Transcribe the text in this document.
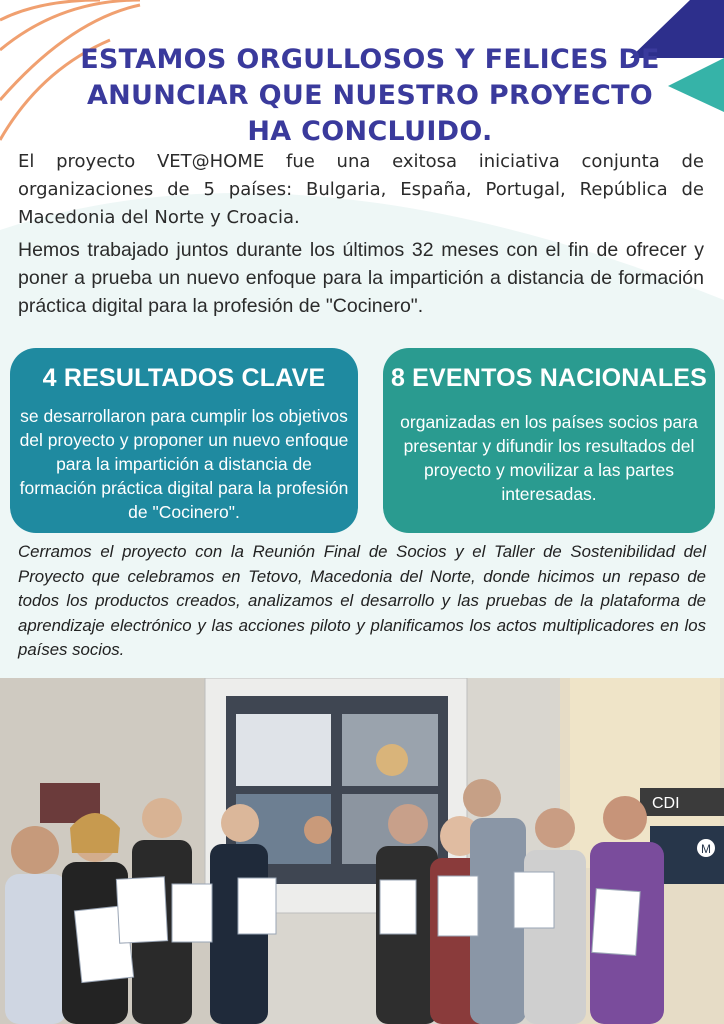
ESTAMOS ORGULLOSOS Y FELICES DE
ANUNCIAR QUE NUESTRO PROYECTO
HA CONCLUIDO.

El proyecto VET@HOME fue una exitosa iniciativa conjunta de organizaciones de 5 países: Bulgaria, España, Portugal, República de Macedonia del Norte y Croacia.

Hemos trabajado juntos durante los últimos 32 meses con el fin de ofrecer y poner a prueba un nuevo enfoque para la impartición a distancia de formación práctica digital para la profesión de "Cocinero".

4 RESULTADOS CLAVE
se desarrollaron para cumplir los objetivos del proyecto y proponer un nuevo enfoque para la impartición a distancia de formación práctica digital para la profesión de "Cocinero".
8 EVENTOS NACIONALES
organizadas en los países socios para presentar y difundir los resultados del proyecto y movilizar a las partes interesadas.

Cerramos el proyecto con la Reunión Final de Socios y el Taller de Sostenibilidad del Proyecto que celebramos en Tetovo, Macedonia del Norte, donde hicimos un repaso de todos los productos creados, analizamos el desarrollo y las pruebas de la plataforma de aprendizaje electrónico y las acciones piloto y planificamos los actos multiplicadores en los países socios.

CDI
M
